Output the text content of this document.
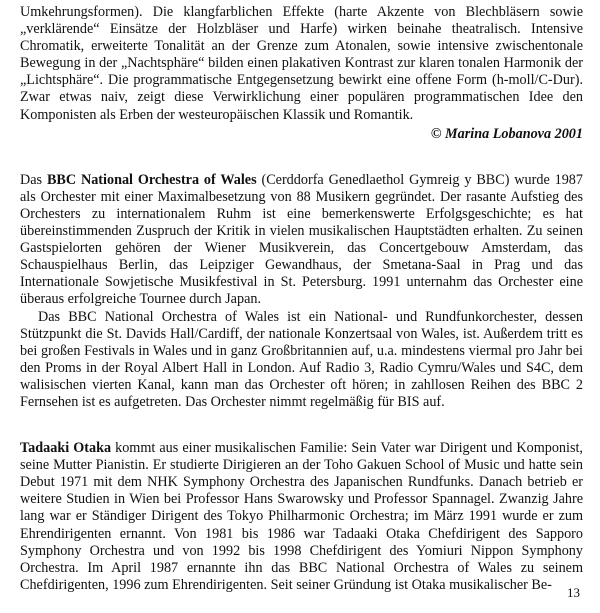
Umkehrungsformen). Die klangfarblichen Effekte (harte Akzente von Blechbläsern sowie „verklärende“ Einsätze der Holzbläser und Harfe) wirken beinahe theatralisch. Intensive Chromatik, erweiterte Tonalität an der Grenze zum Atonalen, sowie intensive zwischentonale Bewegung in der „Nachtsphäre“ bilden einen plakativen Kontrast zur klaren tonalen Harmonik der „Lichtsphäre“. Die programmatische Entgegensetzung bewirkt eine offene Form (h-moll/C-Dur). Zwar etwas naiv, zeigt diese Verwirklichung einer populären programmatischen Idee den Komponisten als Erben der westeuropäischen Klassik und Romantik.

© Marina Lobanova 2001

Das BBC National Orchestra of Wales (Cerddorfa Genedlaethol Gymreig y BBC) wurde 1987 als Orchester mit einer Maximalbesetzung von 88 Musikern gegründet. Der rasante Aufstieg des Orchesters zu internationalem Ruhm ist eine bemerkenswerte Erfolgsgeschichte; es hat übereinstimmenden Zuspruch der Kritik in vielen musikalischen Hauptstädten erhalten. Zu seinen Gastspielorten gehören der Wiener Musikverein, das Concertgebouw Amsterdam, das Schauspielhaus Berlin, das Leipziger Gewandhaus, der Smetana-Saal in Prag und das Internationale Sowjetische Musikfestival in St. Petersburg. 1991 unternahm das Orchester eine überaus erfolgreiche Tournee durch Japan.

Das BBC National Orchestra of Wales ist ein National- und Rundfunkorchester, dessen Stützpunkt die St. Davids Hall/Cardiff, der nationale Konzertsaal von Wales, ist. Außerdem tritt es bei großen Festivals in Wales und in ganz Großbritannien auf, u.a. mindestens viermal pro Jahr bei den Proms in der Royal Albert Hall in London. Auf Radio 3, Radio Cymru/Wales und S4C, dem walisischen vierten Kanal, kann man das Orchester oft hören; in zahllosen Reihen des BBC 2 Fernsehen ist es aufgetreten. Das Orchester nimmt regelmäßig für BIS auf.

Tadaaki Otaka kommt aus einer musikalischen Familie: Sein Vater war Dirigent und Komponist, seine Mutter Pianistin. Er studierte Dirigieren an der Toho Gakuen School of Music und hatte sein Debut 1971 mit dem NHK Symphony Orchestra des Japanischen Rundfunks. Danach betrieb er weitere Studien in Wien bei Professor Hans Swarowsky und Professor Spannagel. Zwanzig Jahre lang war er Ständiger Dirigent des Tokyo Philharmonic Orchestra; im März 1991 wurde er zum Ehrendirigenten ernannt. Von 1981 bis 1986 war Tadaaki Otaka Chefdirigent des Sapporo Symphony Orchestra und von 1992 bis 1998 Chefdirigent des Yomiuri Nippon Symphony Orchestra. Im April 1987 ernannte ihn das BBC National Orchestra of Wales zu seinem Chefdirigenten, 1996 zum Ehrendirigenten. Seit seiner Gründung ist Otaka musikalischer Be-	13
